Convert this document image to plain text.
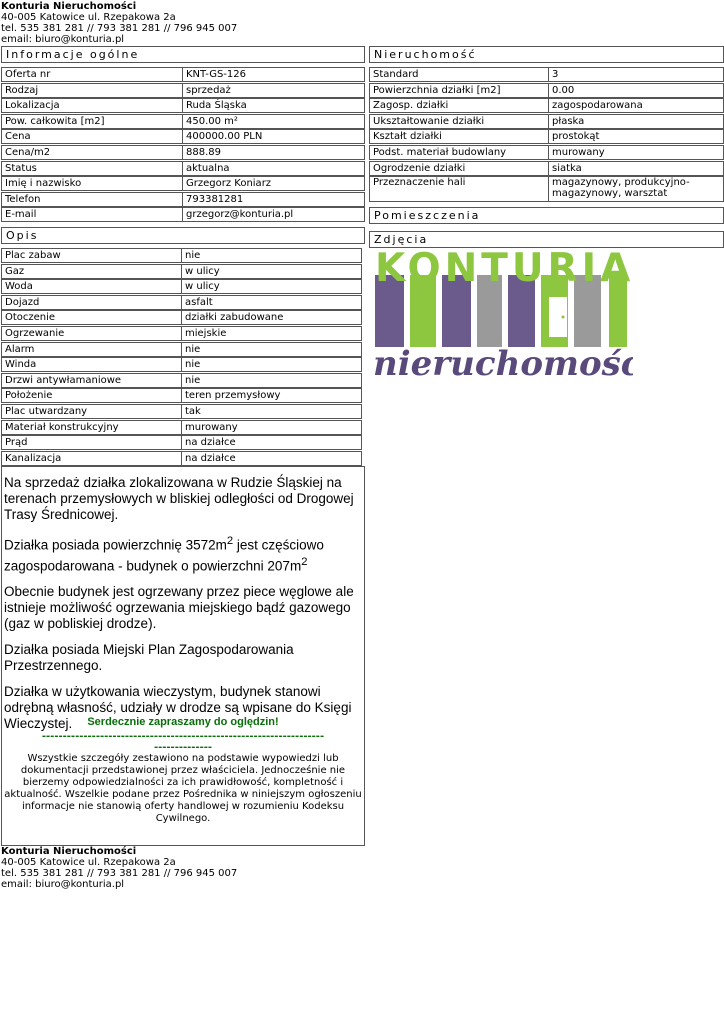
Konturia Nieruchomości
40-005 Katowice ul. Rzepakowa 2a
tel. 535 381 281 // 793 381 281 // 796 945 007
email: biuro@konturia.pl
Informacje ogólne
Oferta nr	KNT-GS-126
Rodzaj	sprzedaż
Lokalizacja	Ruda Śląska
Pow. całkowita [m2]	450.00 m²
Cena	400000.00 PLN
Cena/m2	888.89
Status	aktualna
Imię i nazwisko	Grzegorz Koniarz
Telefon	793381281
E-mail	grzegorz@konturia.pl
Nieruchomość
Standard	3
Powierzchnia działki [m2]	0.00
Zagosp. działki	zagospodarowana
Ukształtowanie działki	płaska
Kształt działki	prostokąt
Podst. materiał budowlany	murowany
Ogrodzenie działki	siatka
Przeznaczenie hali	magazynowy, produkcyjno-magazynowy, warsztat
Pomieszczenia
Opis	Zdjęcia
KONTURIA
nieruchomości
Plac zabaw	nie
Gaz	w ulicy
Woda	w ulicy
Dojazd	asfalt
Otoczenie	działki zabudowane
Ogrzewanie	miejskie
Alarm	nie
Winda	nie
Drzwi antywłamaniowe	nie
Położenie	teren przemysłowy
Plac utwardzany	tak
Materiał konstrukcyjny	murowany
Prąd	na działce
Kanalizacja	na działce

Na sprzedaż działka zlokalizowana w Rudzie Śląskiej na terenach przemysłowych w bliskiej odległości od Drogowej Trasy Średnicowej.

Działka posiada powierzchnię $3572m^2$ jest częściowo zagospodarowana - budynek o powierzchni $207m^2$

Obecnie budynek jest ogrzewany przez piece węglowe ale istnieje możliwość ogrzewania miejskiego bądź gazowego (gaz w pobliskiej drodze).

Działka posiada Miejski Plan Zagospodarowania Przestrzennego.

Działka w użytkowania wieczystym, budynek stanowi odrębną własność, udziały w drodze są wpisane do Księgi Wieczystej.	Serdecznie zapraszamy do oględzin!
--------------------------------------------------------------------
--------------
Wszystkie szczegóły zestawiono na podstawie wypowiedzi lub dokumentacji przedstawionej przez właściciela. Jednocześnie nie bierzemy odpowiedzialności za ich prawidłowość, kompletność i aktualność. Wszelkie podane przez Pośrednika w niniejszym ogłoszeniu informacje nie stanowią oferty handlowej w rozumieniu Kodeksu Cywilnego.
Konturia Nieruchomości
40-005 Katowice ul. Rzepakowa 2a
tel. 535 381 281 // 793 381 281 // 796 945 007
email: biuro@konturia.pl
